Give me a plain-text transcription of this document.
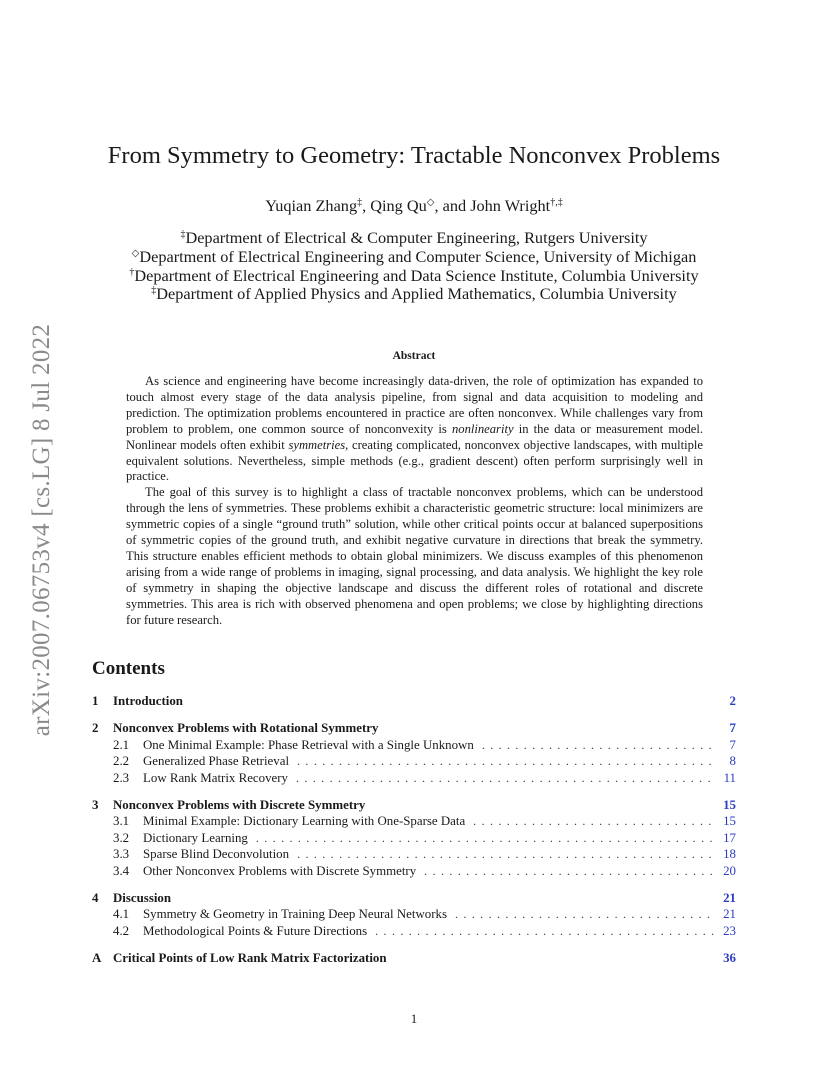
arXiv:2007.06753v4 [cs.LG] 8 Jul 2022
From Symmetry to Geometry: Tractable Nonconvex Problems
Yuqian Zhang‡, Qing Qu◇, and John Wright†,‡
‡Department of Electrical & Computer Engineering, Rutgers University
◇Department of Electrical Engineering and Computer Science, University of Michigan
†Department of Electrical Engineering and Data Science Institute, Columbia University
‡Department of Applied Physics and Applied Mathematics, Columbia University
Abstract

As science and engineering have become increasingly data-driven, the role of optimization has expanded to touch almost every stage of the data analysis pipeline, from signal and data acquisition to modeling and prediction. The optimization problems encountered in practice are often nonconvex. While challenges vary from problem to problem, one common source of nonconvexity is nonlinearity in the data or measurement model. Nonlinear models often exhibit symmetries, creating complicated, nonconvex objective landscapes, with multiple equivalent solutions. Nevertheless, simple methods (e.g., gradient descent) often perform surprisingly well in practice.

The goal of this survey is to highlight a class of tractable nonconvex problems, which can be understood through the lens of symmetries. These problems exhibit a characteristic geometric structure: local minimizers are symmetric copies of a single “ground truth” solution, while other critical points occur at balanced superpositions of symmetric copies of the ground truth, and exhibit negative curvature in directions that break the symmetry. This structure enables efficient methods to obtain global minimizers. We discuss examples of this phenomenon arising from a wide range of problems in imaging, signal processing, and data analysis. We highlight the key role of symmetry in shaping the objective landscape and discuss the different roles of rotational and discrete symmetries. This area is rich with observed phenomena and open problems; we close by highlighting directions for future research.

Contents
1	Introduction	2
2	Nonconvex Problems with Rotational Symmetry	7
2.1	One Minimal Example: Phase Retrieval with a Single Unknown . . .	7
2.2	Generalized Phase Retrieval . . .	8
2.3	Low Rank Matrix Recovery . . .	11
3	Nonconvex Problems with Discrete Symmetry	15
3.1	Minimal Example: Dictionary Learning with One-Sparse Data . . .	15
3.2	Dictionary Learning . . .	17
3.3	Sparse Blind Deconvolution . . .	18
3.4	Other Nonconvex Problems with Discrete Symmetry . . .	20
4	Discussion	21
4.1	Symmetry & Geometry in Training Deep Neural Networks . . .	21
4.2	Methodological Points & Future Directions . . .	23
A Critical Points of Low Rank Matrix Factorization	36
1
